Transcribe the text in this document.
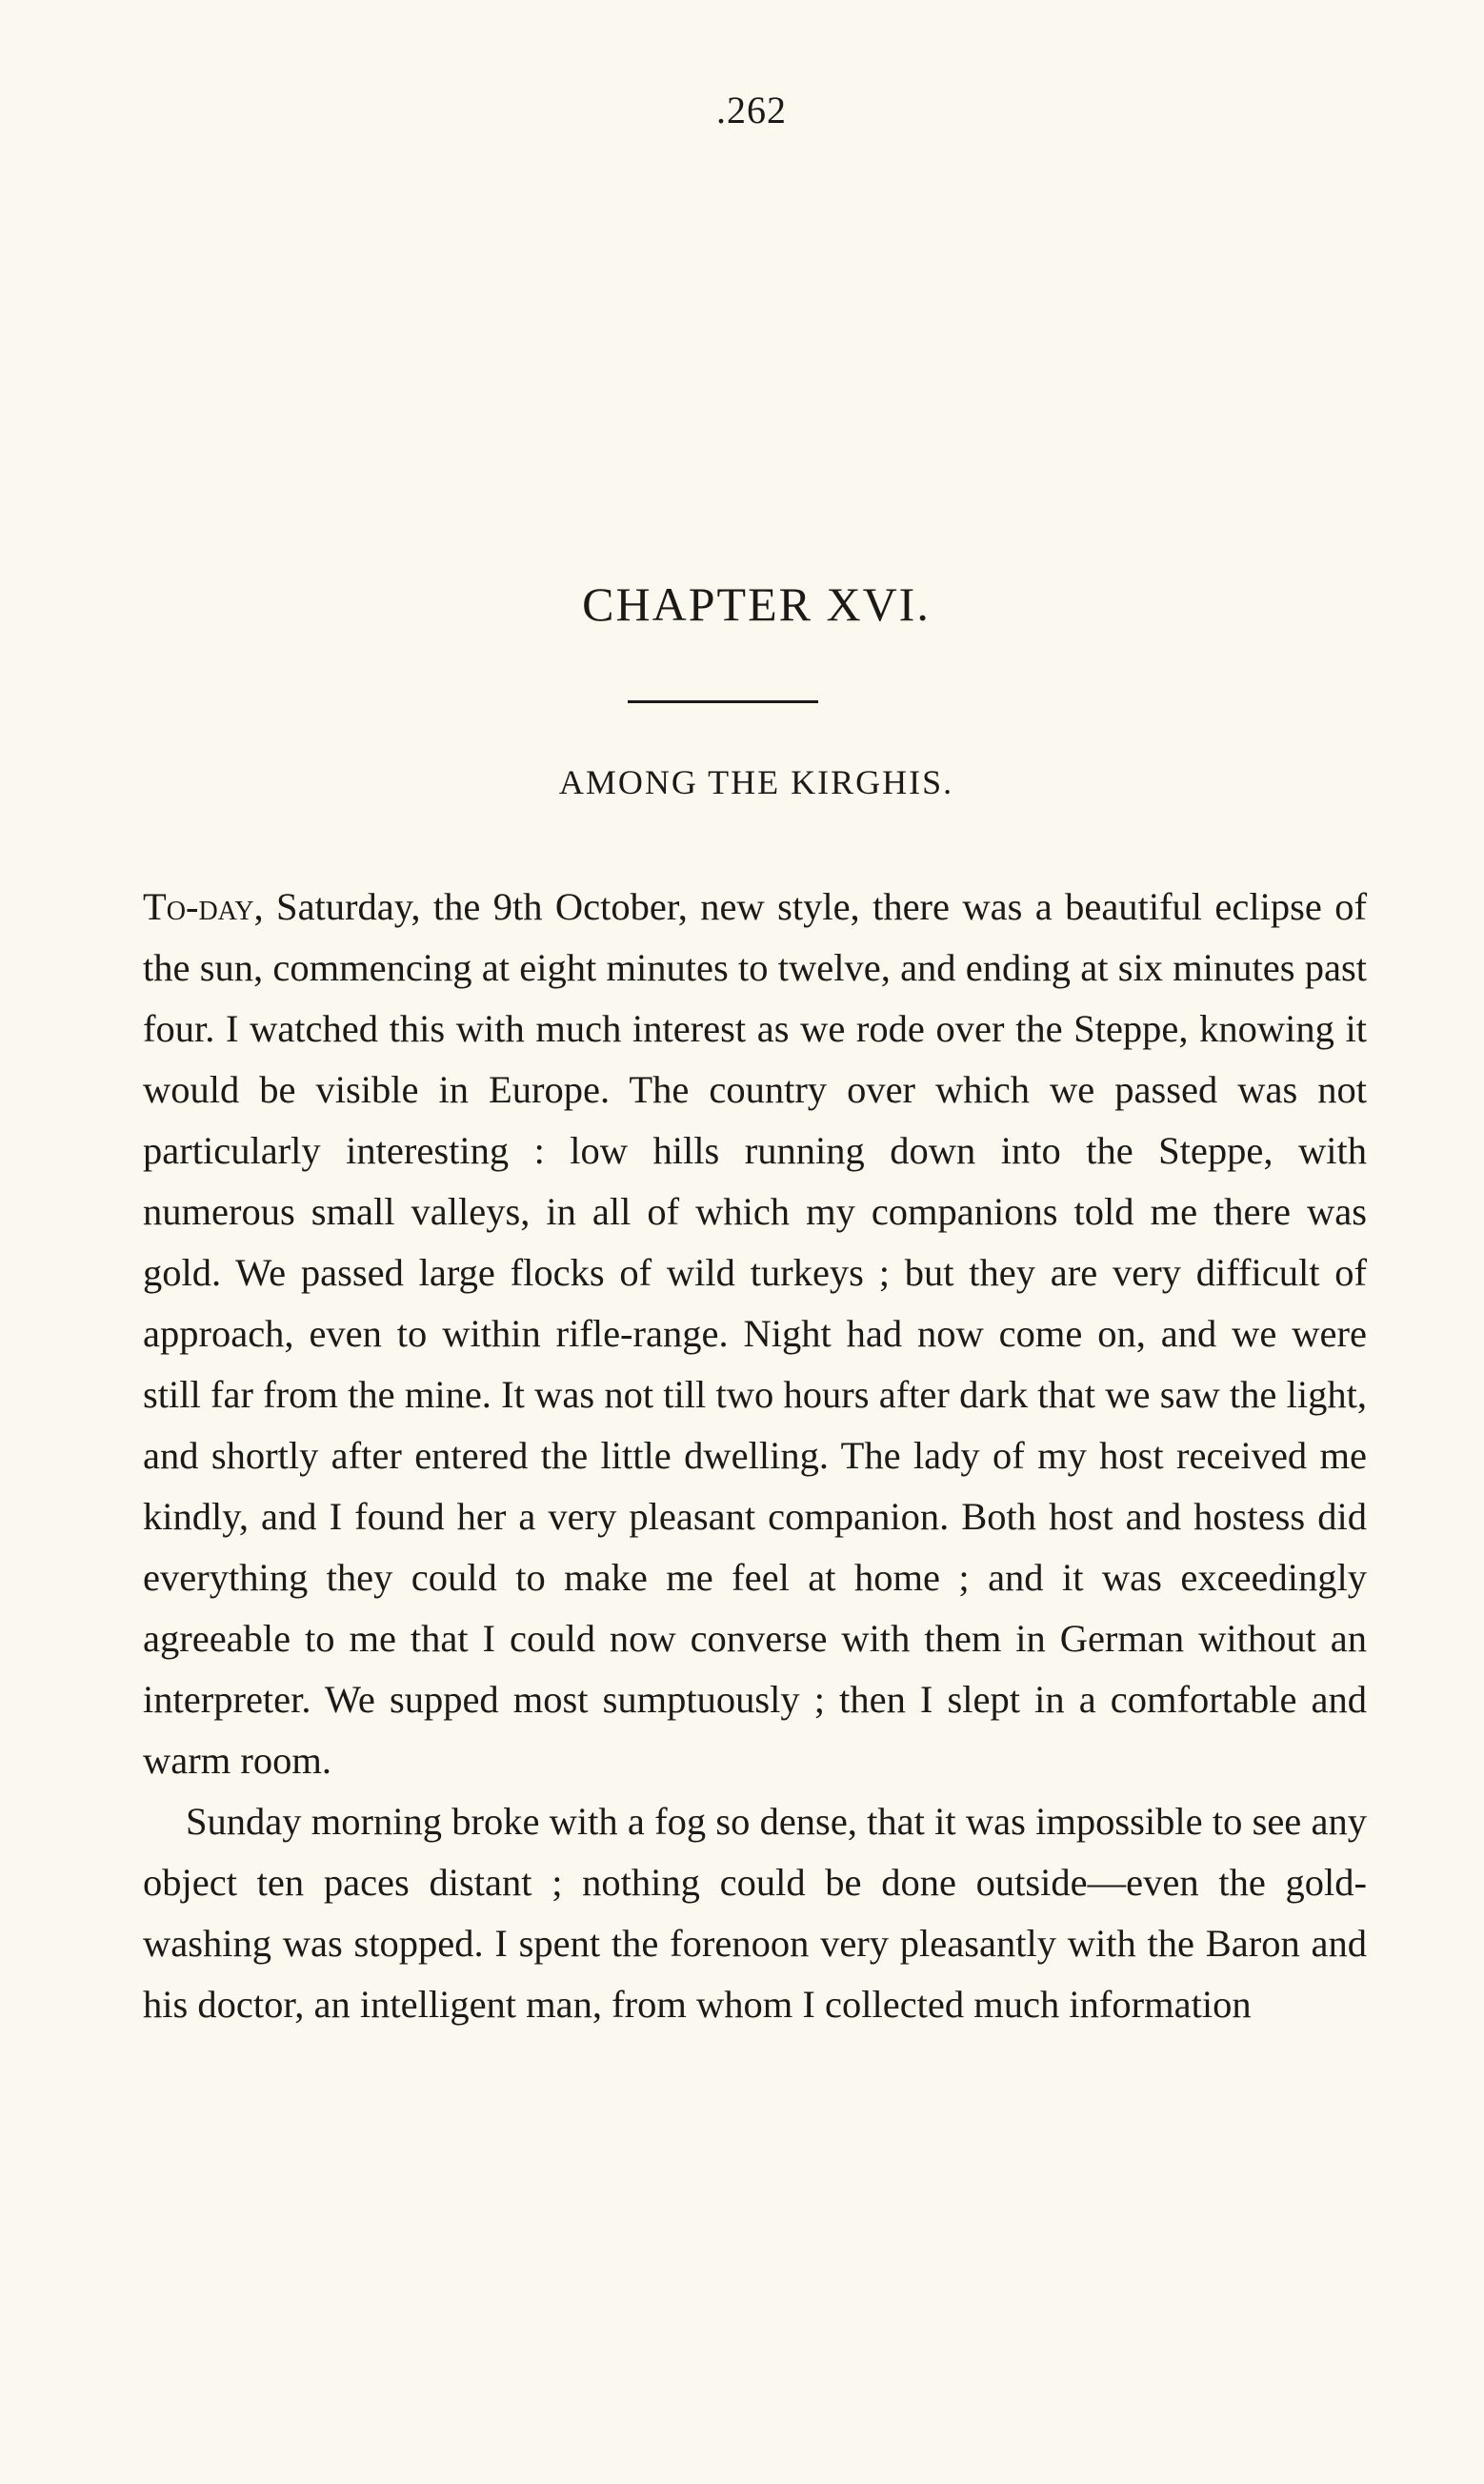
.262
CHAPTER XVI.
AMONG THE KIRGHIS.

To-day, Saturday, the 9th October, new style, there was a beautiful eclipse of the sun, commencing at eight minutes to twelve, and ending at six minutes past four. I watched this with much interest as we rode over the Steppe, knowing it would be visible in Europe. The country over which we passed was not particularly interesting : low hills running down into the Steppe, with numerous small valleys, in all of which my companions told me there was gold. We passed large flocks of wild turkeys ; but they are very difficult of approach, even to within rifle-range. Night had now come on, and we were still far from the mine. It was not till two hours after dark that we saw the light, and shortly after entered the little dwelling. The lady of my host received me kindly, and I found her a very pleasant companion. Both host and hostess did everything they could to make me feel at home ; and it was exceedingly agreeable to me that I could now converse with them in German without an interpreter. We supped most sumptuously ; then I slept in a comfortable and warm room.

Sunday morning broke with a fog so dense, that it was impossible to see any object ten paces distant ; nothing could be done outside—even the gold-washing was stopped. I spent the forenoon very pleasantly with the Baron and his doctor, an intelligent man, from whom I collected much information
